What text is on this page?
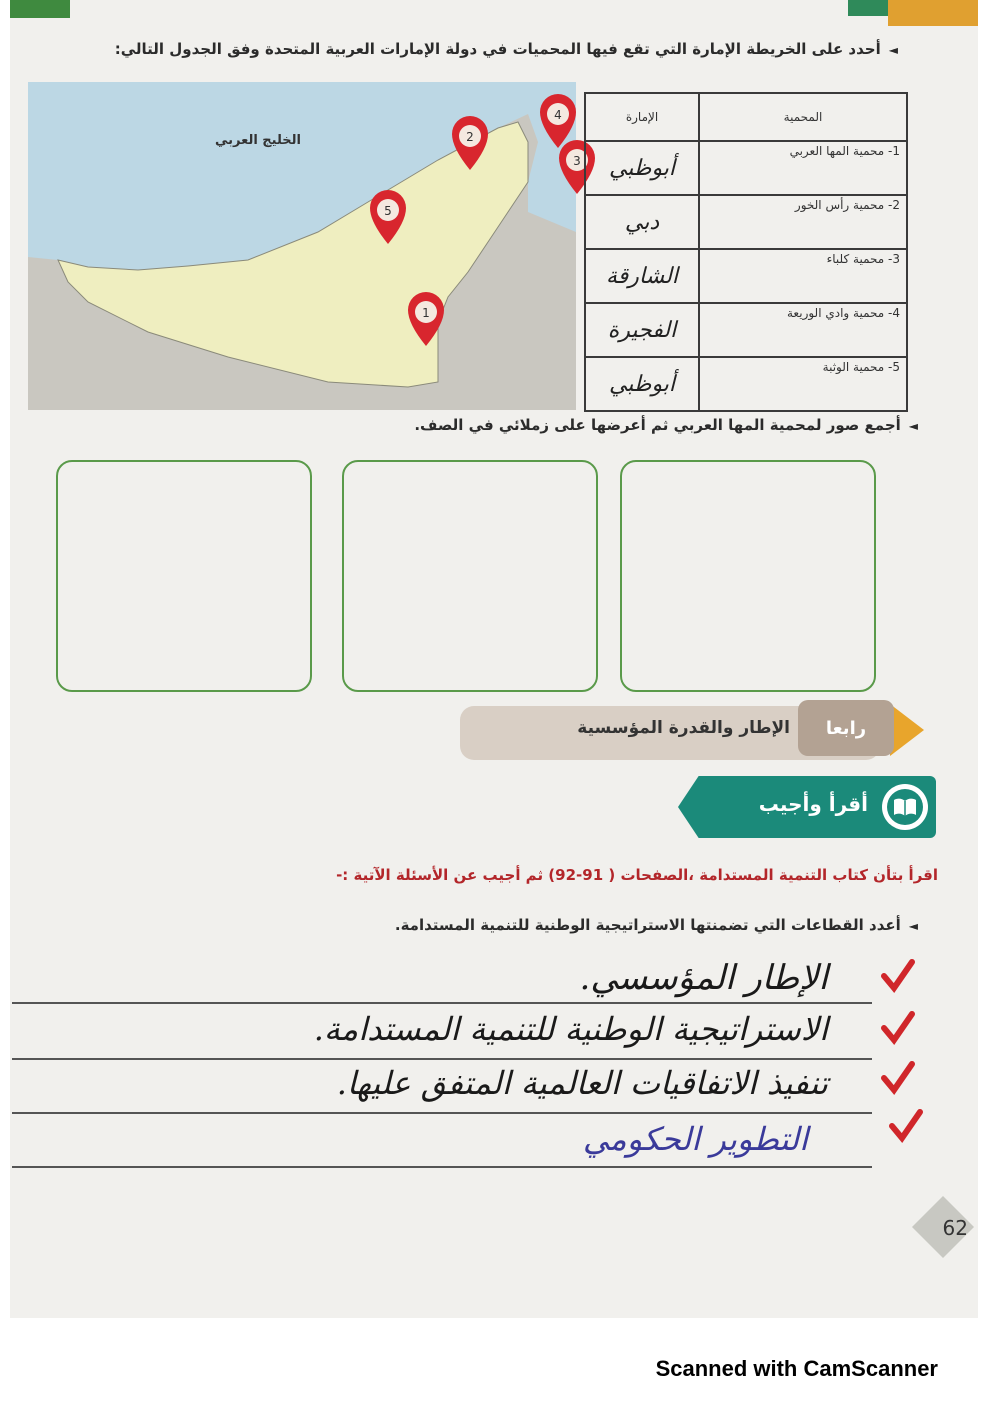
◄أحدد على الخريطة الإمارة التي تقع فيها المحميات في دولة الإمارات العربية المتحدة وفق الجدول التالي:
الخليج العربي
1
2
3
4
5
الإمارة	المحمية
أبوظبي	1- محمية المها العربي
دبي	2- محمية رأس الخور
الشارقة	3- محمية كلباء
الفجيرة	4- محمية وادي الوريعة
أبوظبي	5- محمية الوثبة
◄أجمع صور لمحمية المها العربي ثم أعرضها على زملائي في الصف.
رابعا
الإطار والقدرة المؤسسية
أقرأ وأجيب
اقرأ بتأن كتاب التنمية المستدامة ،الصفحات ( 91-92) ثم أجيب عن الأسئلة الآتية :-
◄أعدد القطاعات التي تضمنتها الاستراتيجية الوطنية للتنمية المستدامة.
الإطار المؤسسي.
الاستراتيجية الوطنية للتنمية المستدامة.
تنفيذ الاتفاقيات العالمية المتفق عليها.
التطوير الحكومي
62
Scanned with CamScanner
